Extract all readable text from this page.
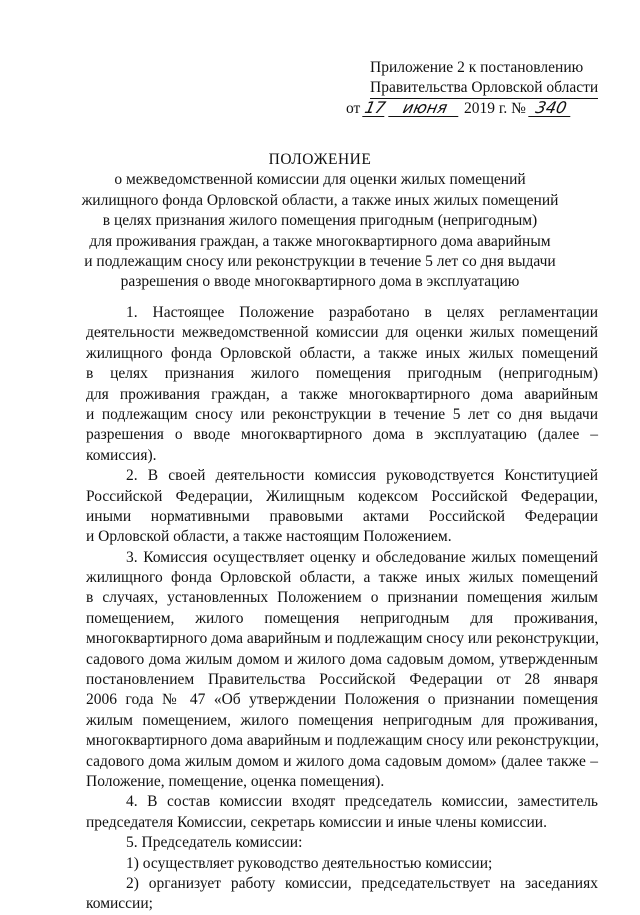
Приложение 2 к постановлению
Правительства Орловской области
от 17 июня 2019 г. № 340
ПОЛОЖЕНИЕ
о межведомственной комиссии для оценки жилых помещений
жилищного фонда Орловской области, а также иных жилых помещений
в целях признания жилого помещения пригодным (непригодным)
для проживания граждан, а также многоквартирного дома аварийным
и подлежащим сносу или реконструкции в течение 5 лет со дня выдачи
разрешения о вводе многоквартирного дома в эксплуатацию
1. Настоящее Положение разработано в целях регламентации
деятельности межведомственной комиссии для оценки жилых помещений
жилищного фонда Орловской области, а также иных жилых помещений
в целях признания жилого помещения пригодным (непригодным)
для проживания граждан, а также многоквартирного дома аварийным
и подлежащим сносу или реконструкции в течение 5 лет со дня выдачи
разрешения о вводе многоквартирного дома в эксплуатацию (далее –
комиссия).
2. В своей деятельности комиссия руководствуется Конституцией
Российской Федерации, Жилищным кодексом Российской Федерации,
иными нормативными правовыми актами Российской Федерации
и Орловской области, а также настоящим Положением.
3. Комиссия осуществляет оценку и обследование жилых помещений
жилищного фонда Орловской области, а также иных жилых помещений
в случаях, установленных Положением о признании помещения жилым
помещением, жилого помещения непригодным для проживания,
многоквартирного дома аварийным и подлежащим сносу или реконструкции,
садового дома жилым домом и жилого дома садовым домом, утвержденным
постановлением Правительства Российской Федерации от 28 января
2006 года № 47 «Об утверждении Положения о признании помещения
жилым помещением, жилого помещения непригодным для проживания,
многоквартирного дома аварийным и подлежащим сносу или реконструкции,
садового дома жилым домом и жилого дома садовым домом» (далее также –
Положение, помещение, оценка помещения).
4. В состав комиссии входят председатель комиссии, заместитель
председателя Комиссии, секретарь комиссии и иные члены комиссии.
5. Председатель комиссии:
1) осуществляет руководство деятельностью комиссии;
2) организует работу комиссии, председательствует на заседаниях
комиссии;
